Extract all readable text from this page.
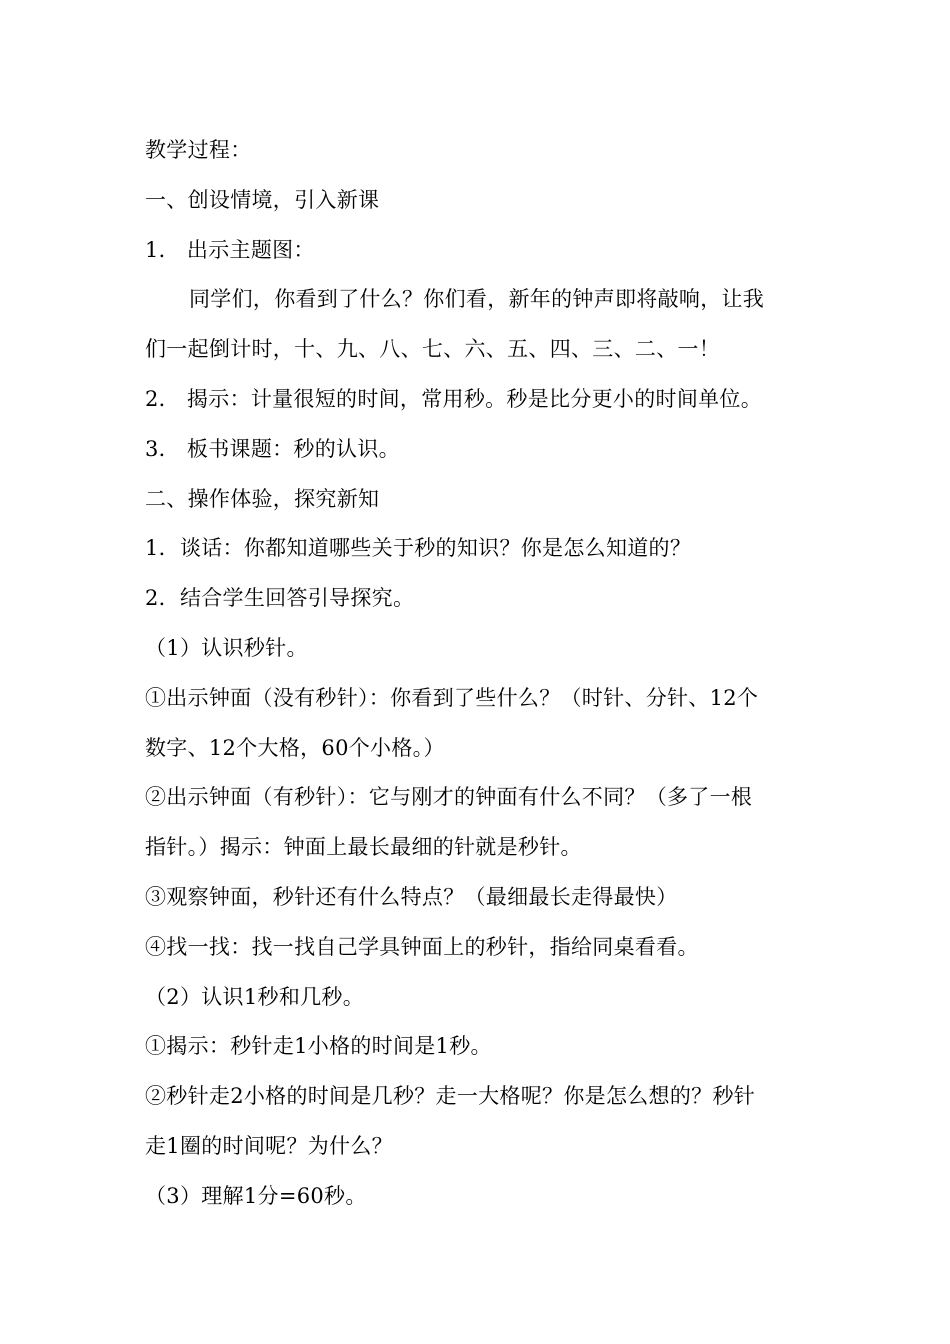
教学过程：
一、创设情境，引入新课
1． 出示主题图：
同学们，你看到了什么？你们看，新年的钟声即将敲响，让我
们一起倒计时，十、九、八、七、六、五、四、三、二、一！
2． 揭示：计量很短的时间，常用秒。秒是比分更小的时间单位。
3． 板书课题：秒的认识。
二、操作体验，探究新知
1．谈话：你都知道哪些关于秒的知识？你是怎么知道的？
2．结合学生回答引导探究。
（1）认识秒针。
①出示钟面（没有秒针）：你看到了些什么？（时针、分针、12个
数字、12个大格，60个小格。）
②出示钟面（有秒针）：它与刚才的钟面有什么不同？（多了一根
指针。）揭示：钟面上最长最细的针就是秒针。
③观察钟面，秒针还有什么特点？（最细最长走得最快）
④找一找：找一找自己学具钟面上的秒针，指给同桌看看。
（2）认识1秒和几秒。
①揭示：秒针走1小格的时间是1秒。
②秒针走2小格的时间是几秒？走一大格呢？你是怎么想的？秒针
走1圈的时间呢？为什么？
（3）理解1分=60秒。
